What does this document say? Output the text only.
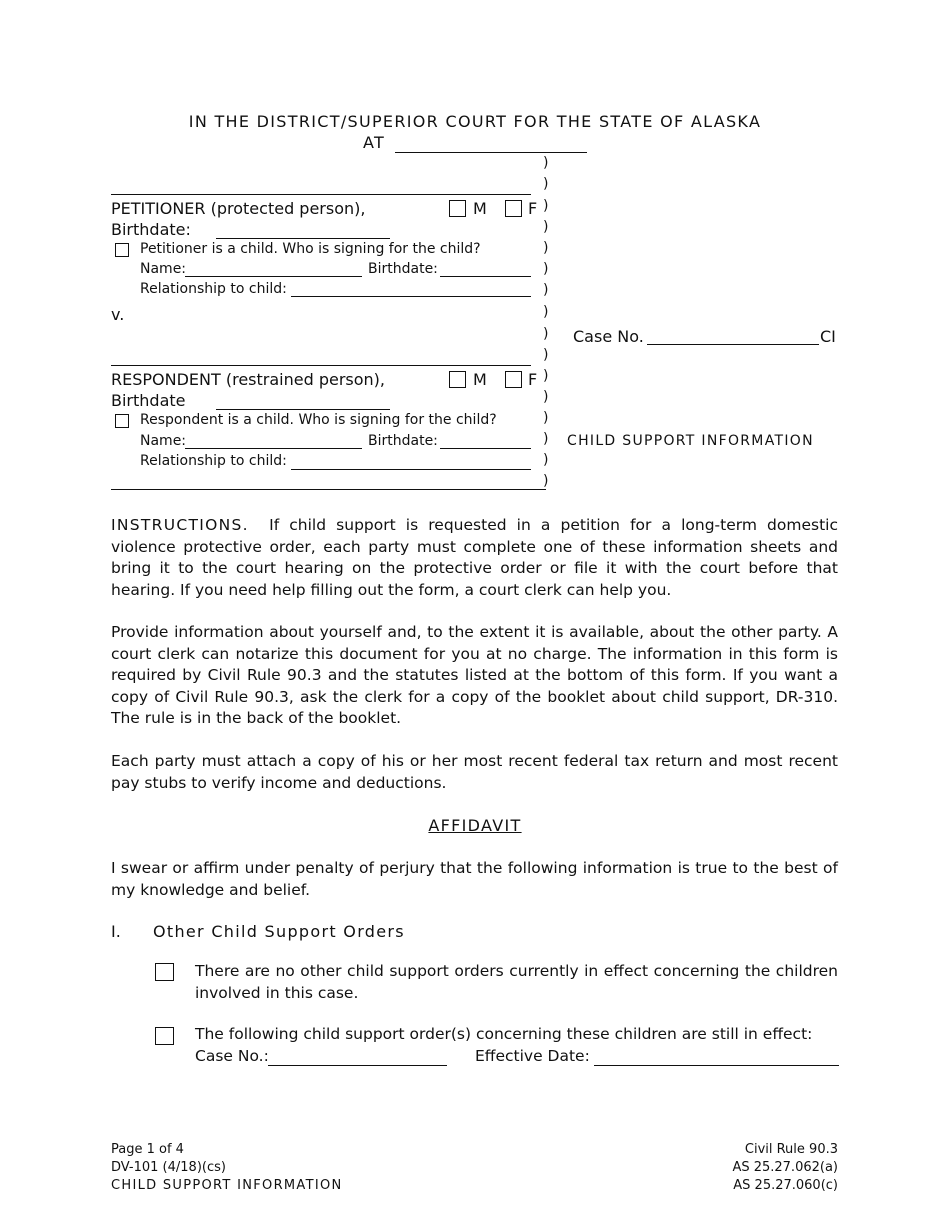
IN THE DISTRICT/SUPERIOR COURT FOR THE STATE OF ALASKA
AT
)
)
)
)
)
)
)
)
)
)
)
)
)
)
)
)
PETITIONER (protected person),	M	F
Birthdate:
Petitioner is a child. Who is signing for the child?
Name:	Birthdate:
Relationship to child:
v.
Case No.	CI
CHILD SUPPORT INFORMATION
RESPONDENT (restrained person),	M	F
Birthdate
Respondent is a child. Who is signing for the child?
Name:	Birthdate:
Relationship to child:
INSTRUCTIONS. If child support is requested in a petition for a long-term domestic violence protective order, each party must complete one of these information sheets and bring it to the court hearing on the protective order or file it with the court before that hearing. If you need help filling out the form, a court clerk can help you.
Provide information about yourself and, to the extent it is available, about the other party. A court clerk can notarize this document for you at no charge. The information in this form is required by Civil Rule 90.3 and the statutes listed at the bottom of this form. If you want a copy of Civil Rule 90.3, ask the clerk for a copy of the booklet about child support, DR-310. The rule is in the back of the booklet.
Each party must attach a copy of his or her most recent federal tax return and most recent pay stubs to verify income and deductions.
AFFIDAVIT
I swear or affirm under penalty of perjury that the following information is true to the best of my knowledge and belief.
I. Other Child Support Orders
There are no other child support orders currently in effect concerning the children involved in this case.
The following child support order(s) concerning these children are still in effect:
Case No.:	Effective Date:
Page 1 of 4
DV-101 (4/18)(cs)
CHILD SUPPORT INFORMATION
Civil Rule 90.3
AS 25.27.062(a)
AS 25.27.060(c)
